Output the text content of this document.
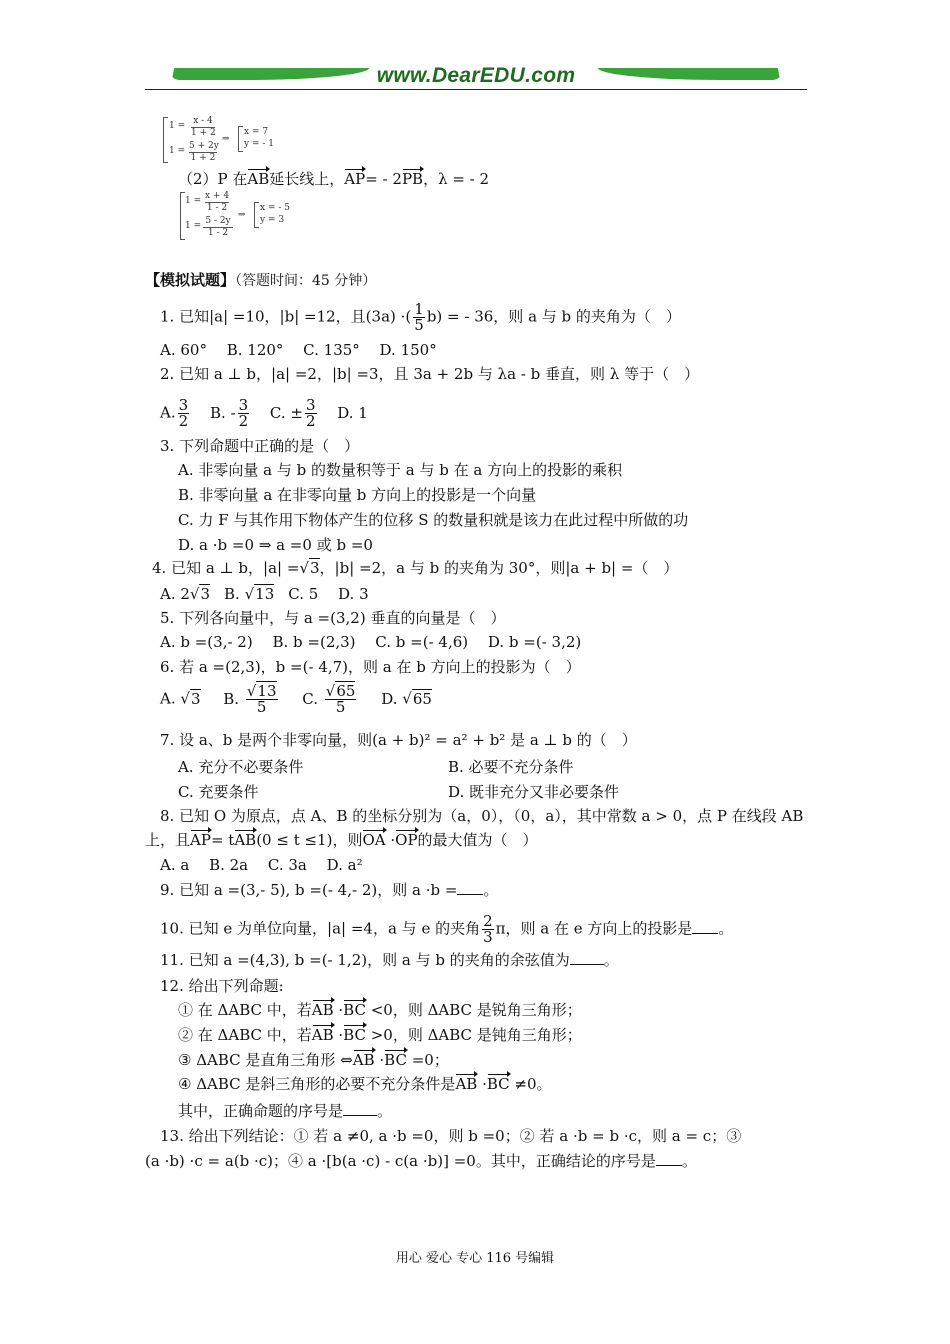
www.DearEDU.com
1 = x - 4
1 + 2
1 = 5 + 2y
1 + 2
⇒
x = 7
y = - 1
（2）P 在AB延长线上，AP= - 2PB，λ = - 2
1 = x + 4
1 - 2
1 = 5 - 2y
1 - 2
⇒
x = - 5
y = 3
【模拟试题】（答题时间：45 分钟）
1. 已知|a| =10，|b| =12，且(3a) ·( $\frac{1}{5} b$) = - 36，则 a 与 b 的夹角为（　）
A. 60°　 B. 120°　 C. 135°　 D. 150°
2. 已知 a ⊥ b，|a| =2，|b| =3，且 3a + 2b 与 λa - b 垂直，则 λ 等于（　）
A. $\frac{3}{2} B$. - $\frac{3}{2} C$. ± $\frac{3}{2} D$. 1
3. 下列命题中正确的是（　）
A. 非零向量 a 与 b 的数量积等于 a 与 b 在 a 方向上的投影的乘积
B. 非零向量 a 在非零向量 b 方向上的投影是一个向量
C. 力 F 与其作用下物体产生的位移 S 的数量积就是该力在此过程中所做的功
D. a ·b =0 ⇒ a =0 或 b =0
4. 已知 a ⊥ b，|a| =√3，|b| =2，a 与 b 的夹角为 30°，则|a + b| =（　）
A. 2√3 B. √13 C. 5　 D. 3
5. 下列各向量中，与 a =(3,2) 垂直的向量是（　）
A. b =(3,- 2)　 B. b =(2,3)　 C. b =(- 4,6)　 D. b =(- 3,2)
6. 若 a =(2,3)，b =(- 4,7)，则 a 在 b 方向上的投影为（　）
A. √3 B. $\frac{√13}{5} C$. $\frac{√65}{5} D$. √65
7. 设 a、b 是两个非零向量，则(a + b)² = a² + b² 是 a ⊥ b 的（　）
A. 充分不必要条件	B. 必要不充分条件
C. 充要条件	D. 既非充分又非必要条件
8. 已知 O 为原点，点 A、B 的坐标分别为（a，0），（0，a），其中常数 a > 0，点 P 在线段 AB
上，且AP= tAB(0 ≤ t ≤1)，则OA ·OP的最大值为（　）
A. a　 B. 2a　 C. 3a　 D. a²
9. 已知 a =(3,- 5), b =(- 4,- 2)，则 a ·b = 。
10. 已知 e 为单位向量，|a| =4，a 与 e 的夹角 $\frac{2}{3}$ π，则 a 在 e 方向上的投影是 。
11. 已知 a =(4,3), b =(- 1,2)，则 a 与 b 的夹角的余弦值为 。
12. 给出下列命题:
① 在 ΔABC 中，若AB ·BC <0，则 ΔABC 是锐角三角形；
② 在 ΔABC 中，若AB ·BC >0，则 ΔABC 是钝角三角形；
③ ΔABC 是直角三角形 ⇔AB ·BC =0；
④ ΔABC 是斜三角形的必要不充分条件是AB ·BC ≠0。
其中，正确命题的序号是 。
13. 给出下列结论：① 若 a ≠0, a ·b =0，则 b =0；② 若 a ·b = b ·c，则 a = c；③
(a ·b) ·c = a(b ·c)；④ a ·[b(a ·c) - c(a ·b)] =0。其中，正确结论的序号是 。
用心 爱心 专心 116 号编辑
